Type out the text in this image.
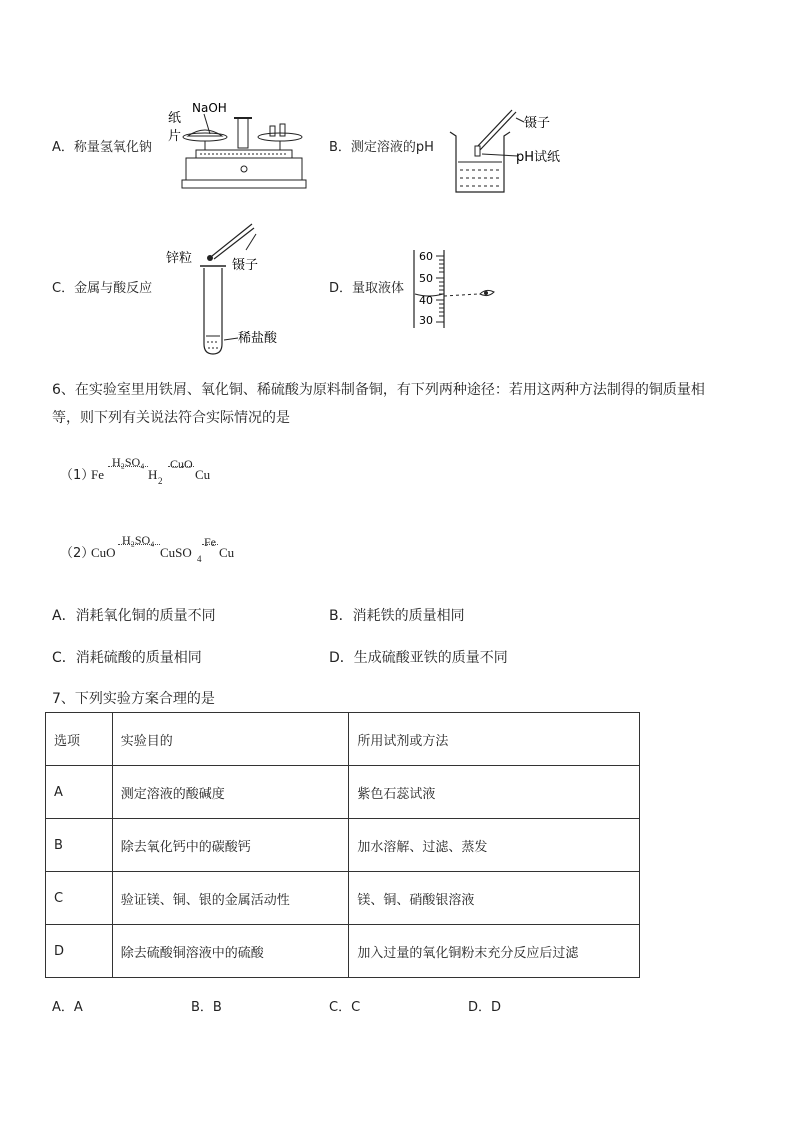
A．称量氢氧化钠
NaOH
纸
片
B．测定溶液的pH
镊子
pH试纸
C．金属与酸反应
锌粒	镊子
稀盐酸
D．量取液体
60
50
40
30
6、在实验室里用铁屑、氧化铜、稀硫酸为原料制备铜，有下列两种途径：若用这两种方法制得的铜质量相
等，则下列有关说法符合实际情况的是
（1）
Fe
H₂SO₄
H 2
CuO
Cu
（2）
CuO
H₂SO₄
CuSO 4
Fe
Cu
A．消耗氧化铜的质量不同	B．消耗铁的质量相同
C．消耗硫酸的质量相同	D．生成硫酸亚铁的质量不同
7、下列实验方案合理的是
选项	实验目的	所用试剂或方法
A	测定溶液的酸碱度	紫色石蕊试液
B	除去氧化钙中的碳酸钙	加水溶解、过滤、蒸发
C	验证镁、铜、银的金属活动性	镁、铜、硝酸银溶液
D	除去硫酸铜溶液中的硫酸	加入过量的氧化铜粉末充分反应后过滤
A．A	B．B	C．C	D．D
